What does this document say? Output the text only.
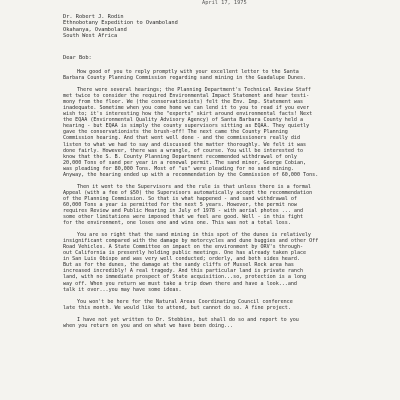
April 17, 1975
Dr. Robert J. Rodin
Ethnobotany Expedition to Ovamboland
Okahanya, Ovamboland
South West Africa
Dear Bob:
How good of you to reply promptly with your excellent letter to the Santa
Barbara County Planning Commission regarding sand mining in the Guadalupe Dunes.
There were several hearings; the Planning Department's Technical Review Staff
met twice to consider the required Environmental Impact Statement and hear testi-
mony from the floor. We (the conservationists) felt the Env. Imp. Statement was
inadequate. Sometime when you come home we can lend it to you to read if you ever
wish to; it's interesting how the "experts" skirt around environmental facts! Next
the EQAA (Environmental Quality Advisory Agency) of Santa Barbara County held a
hearing - but EQAA is simply the county supervisors sitting as EQAA. They quietly
gave the conservationists the brush-off! The next came the County Planning
Commission hearing. And that went well done - and the commissioners really did
listen to what we had to say and discussed the matter thoroughly. We felt it was
done fairly. However, there was a wrangle, of course. You will be interested to
know that the S. B. County Planning Department recommended withdrawal of only
20,000 Tons of sand per year in a renewal permit. The sand miner, George Cobian,
was pleading for 80,000 Tons. Most of "us" were pleading for no sand mining.
Anyway, the hearing ended up with a recommendation by the Commission of 60,000 Tons.
Then it went to the Supervisors and the rule is that unless there is a formal
Appeal (with a fee of $50) the Supervisors automatically accept the recommendation
of the Planning Commission. So that is what happened - and sand withdrawal of
60,000 Tons a year is permitted for the next 5 years. However, the permit now
requires Review and Public Hearing in July of 1978 - with aerial photos ... and
some other limitations were imposed that we feel are good. Well - in this fight
for the environment, one loses one and wins one. This was not a total loss.
You are so right that the sand mining in this spot of the dunes is relatively
insignificant compared with the damage by motorcycles and dune buggies and other Off
Road Vehicles. A State Committee on impact on the environment by ORV's through-
out California is presently holding public meetings. One has already taken place
in San Luis Obispo and was very well conducted; orderly, and both sides heard.
But as for the dunes, the damage at the sandy cliffs of Mussel Rock area has
increased incredibly! A real tragedy. And this particular land is private ranch
land, with no immediate prospect of State acquisition...so, protection is a long
way off. When you return we must take a trip down there and have a look...and
talk it over...you may have some ideas.
You won't be here for the Natural Areas Coordinating Council conference
late this month. We would like to attend, but cannot do so. A fine project.
I have not yet written to Dr. Stebbins, but shall do so and report to you
when you return on you and on what we have been doing...
